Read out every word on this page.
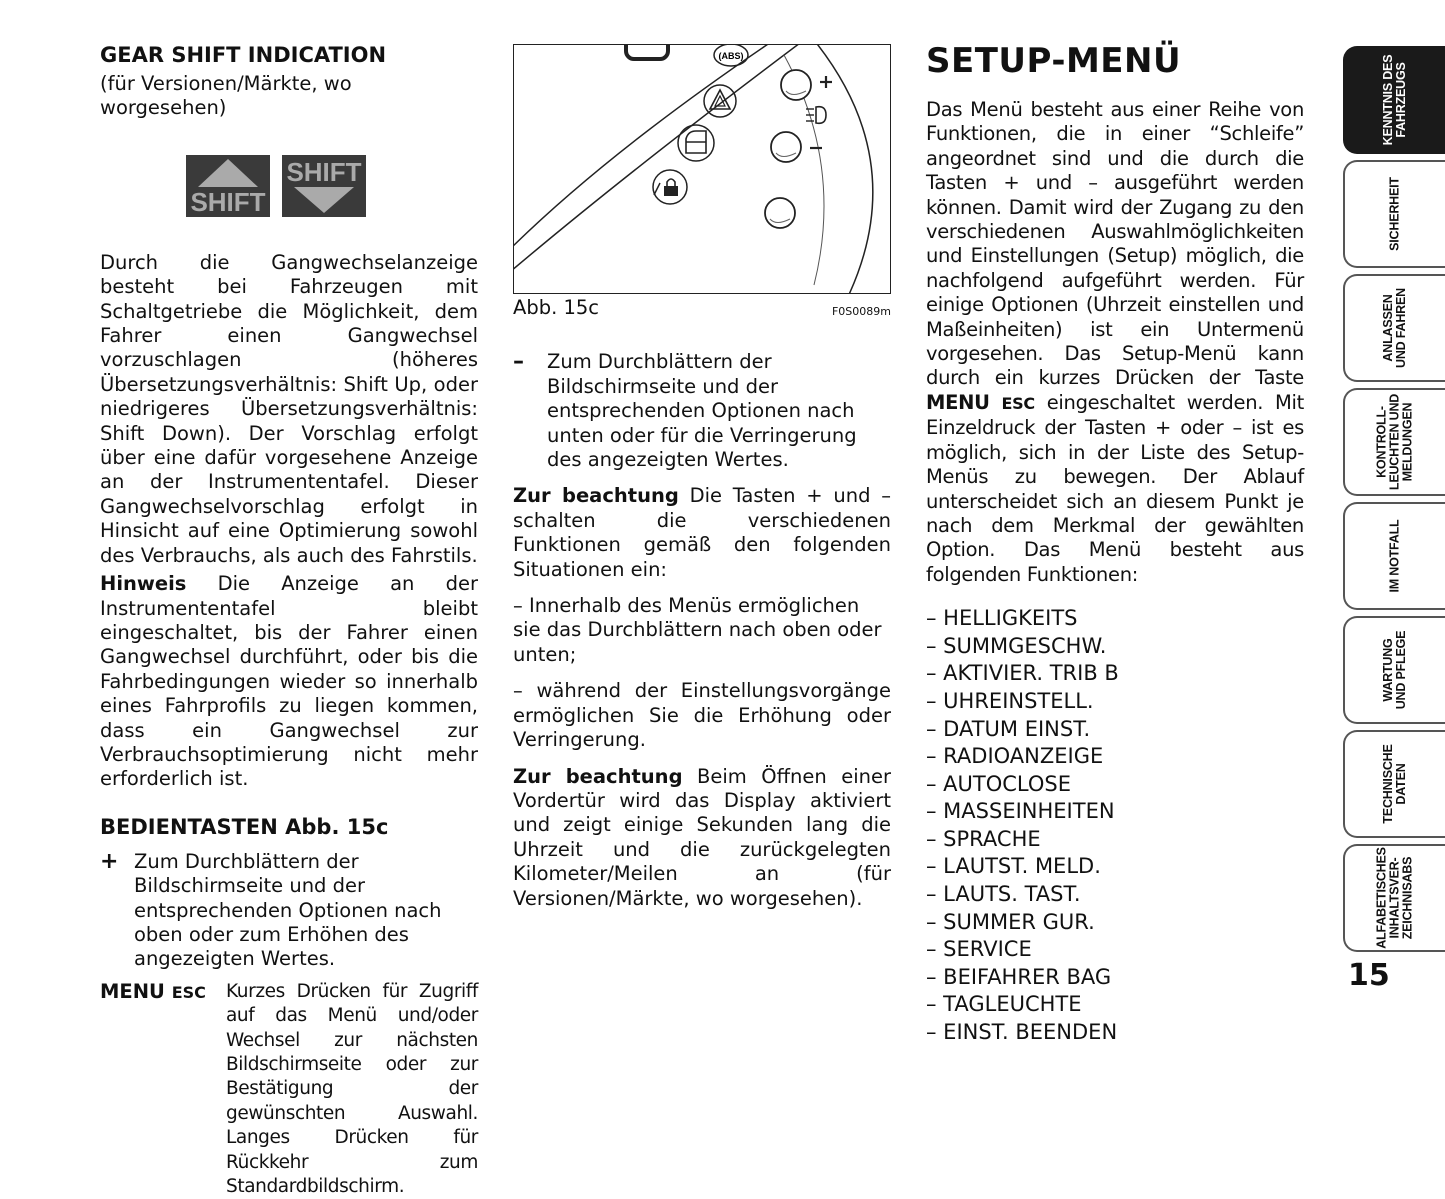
GEAR SHIFT INDICATION
(für Versionen/Märkte, wo worgesehen)
SHIFT
SHIFT

Durch die Gangwechselanzeige besteht bei Fahrzeugen mit Schaltgetriebe die Möglichkeit, dem Fahrer einen Gangwechsel vorzuschlagen (höheres Übersetzungsverhältnis: Shift Up, oder niedrigeres Übersetzungsverhältnis: Shift Down). Der Vorschlag erfolgt über eine dafür vorgesehene Anzeige an der Instrumententafel. Dieser Gangwechselvorschlag erfolgt in Hinsicht auf eine Optimierung sowohl des Verbrauchs, als auch des Fahrstils.

Hinweis Die Anzeige an der Instrumententafel bleibt eingeschaltet, bis der Fahrer einen Gangwechsel durchführt, oder bis die Fahrbedingungen wieder so innerhalb eines Fahrprofils zu liegen kommen, dass ein Gangwechsel zur Verbrauchsoptimierung nicht mehr erforderlich ist.

BEDIENTASTEN Abb. 15c
+ Zum Durchblättern der Bildschirmseite und der entsprechenden Optionen nach oben oder zum Erhöhen des angezeigten Wertes.
MENU ESC	Kurzes Drücken für Zugriff auf das Menü und/oder Wechsel zur nächsten Bildschirmseite oder zur Bestätigung der gewünschten Auswahl. Langes Drücken für Rückkehr zum Standardbildschirm.
(ABS)
Abb. 15c	F0S0089m
–	Zum Durchblättern der Bildschirmseite und der entsprechenden Optionen nach unten oder für die Verringerung des angezeigten Wertes.

Zur beachtung Die Tasten + und – schalten die verschiedenen Funktionen gemäß den folgenden Situationen ein:

– Innerhalb des Menüs ermöglichen sie das Durchblättern nach oben oder unten;

– während der Einstellungsvorgänge ermöglichen Sie die Erhöhung oder Verringerung.

Zur beachtung Beim Öffnen einer Vordertür wird das Display aktiviert und zeigt einige Sekunden lang die Uhrzeit und die zurückgelegten Kilometer/Meilen an (für Versionen/Märkte, wo worgesehen).

SETUP-MENÜ

Das Menü besteht aus einer Reihe von Funktionen, die in einer “Schleife” angeordnet sind und die durch die Tasten + und – ausgeführt werden können. Damit wird der Zugang zu den verschiedenen Auswahlmöglichkeiten und Einstellungen (Setup) möglich, die nachfolgend aufgeführt werden. Für einige Optionen (Uhrzeit einstellen und Maßeinheiten) ist ein Untermenü vorgesehen. Das Setup-Menü kann durch ein kurzes Drücken der Taste MENU ESC eingeschaltet werden. Mit Einzeldruck der Tasten + oder – ist es möglich, sich in der Liste des Setup-Menüs zu bewegen. Der Ablauf unterscheidet sich an diesem Punkt je nach dem Merkmal der gewählten Option. Das Menü besteht aus folgenden Funktionen:

– HELLIGKEITS
– SUMMGESCHW.
– AKTIVIER. TRIB B
– UHREINSTELL.
– DATUM EINST.
– RADIOANZEIGE
– AUTOCLOSE
– MASSEINHEITEN
– SPRACHE
– LAUTST. MELD.
– LAUTS. TAST.
– SUMMER GUR.
– SERVICE
– BEIFAHRER BAG
– TAGLEUCHTE
– EINST. BEENDEN
KENNTNIS DES
FAHRZEUGS
SICHERHEIT
ANLASSEN
UND FAHREN
KONTROLL-
LEUCHTEN UND
MELDUNGEN
IM NOTFALL
WARTUNG
UND PFLEGE
TECHNISCHE
DATEN
ALFABETISCHES
INHALTSVER-
ZEICHNISABS
15
